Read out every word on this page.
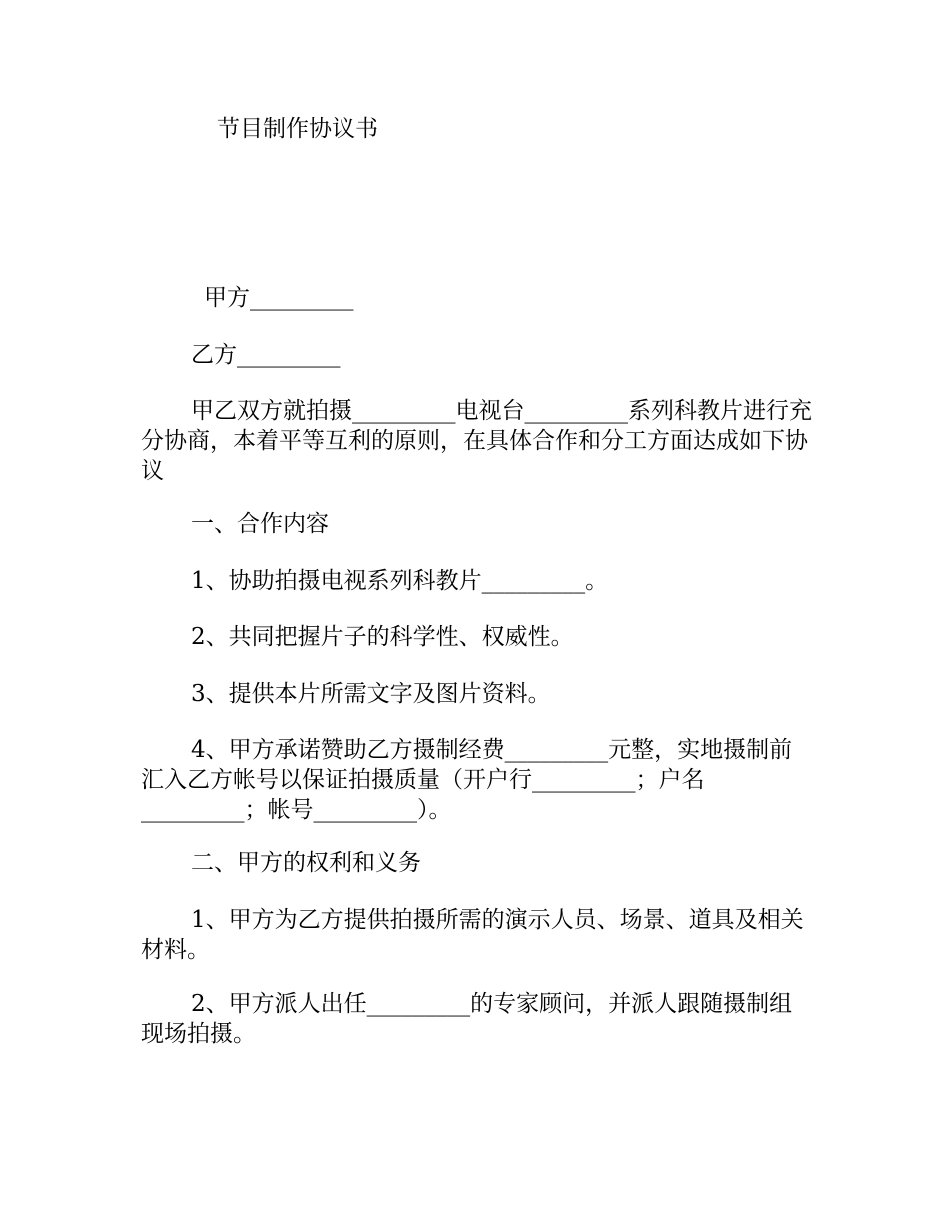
节目制作协议书
甲方_________
乙方_________

甲乙双方就拍摄_________电视台_________系列科教片进行充分协商，本着平等互利的原则，在具体合作和分工方面达成如下协议

一、合作内容

1、协助拍摄电视系列科教片_________。

2、共同把握片子的科学性、权威性。

3、提供本片所需文字及图片资料。

4、甲方承诺赞助乙方摄制经费_________元整，实地摄制前汇入乙方帐号以保证拍摄质量（开户行_________；户名_________；帐号_________）。

二、甲方的权利和义务

1、甲方为乙方提供拍摄所需的演示人员、场景、道具及相关材料。

2、甲方派人出任_________的专家顾问，并派人跟随摄制组现场拍摄。
